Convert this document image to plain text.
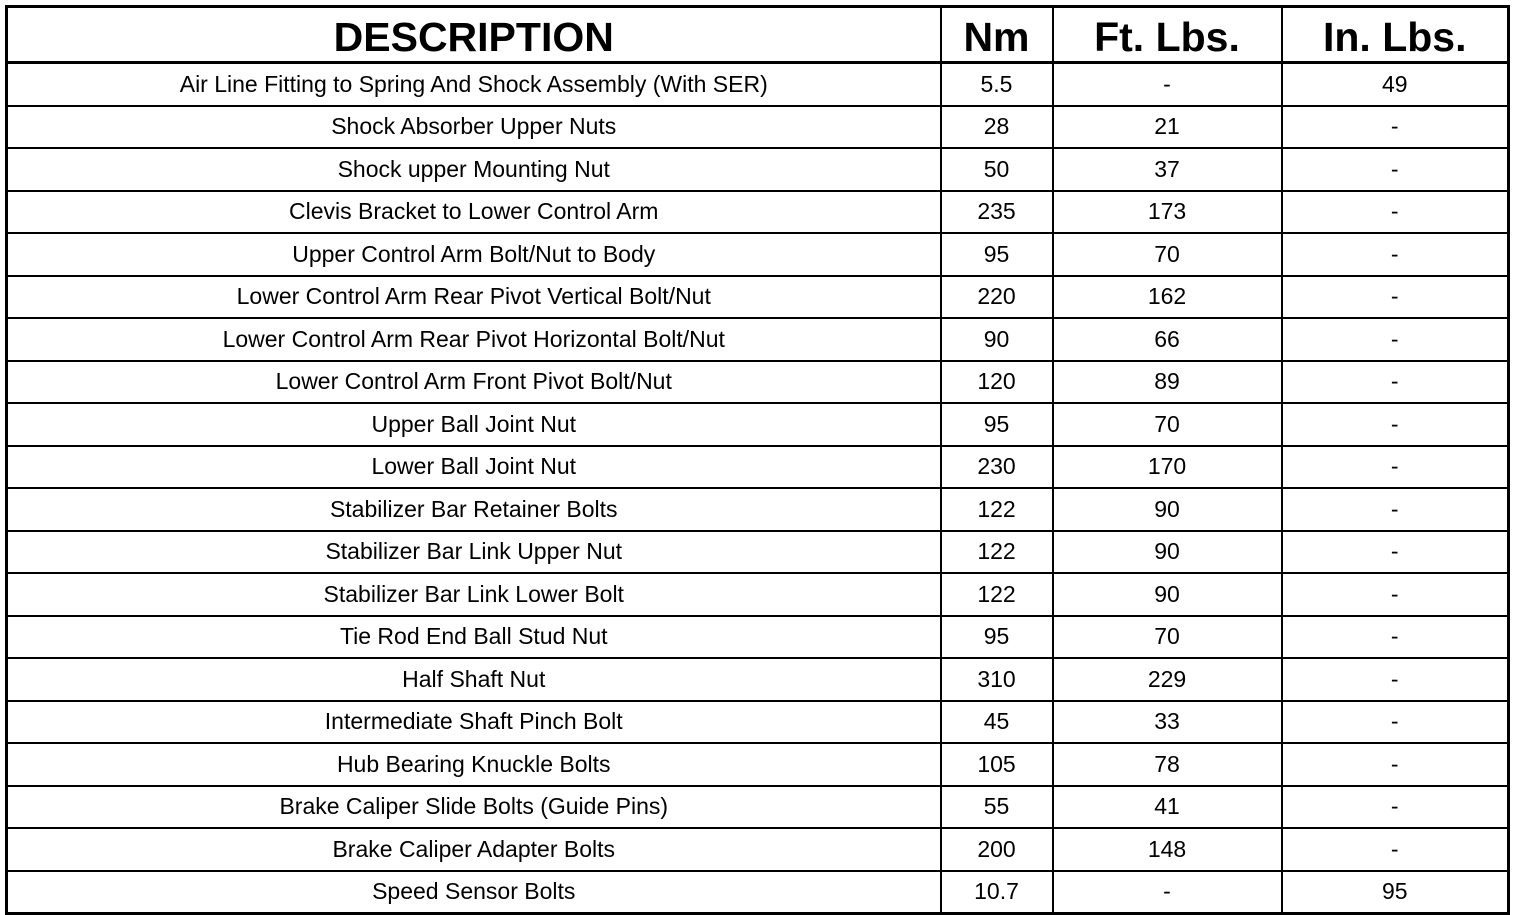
DESCRIPTION	Nm	Ft. Lbs.	In. Lbs.
Air Line Fitting to Spring And Shock Assembly (With SER)	5.5	-	49
Shock Absorber Upper Nuts	28	21	-
Shock upper Mounting Nut	50	37	-
Clevis Bracket to Lower Control Arm	235	173	-
Upper Control Arm Bolt/Nut to Body	95	70	-
Lower Control Arm Rear Pivot Vertical Bolt/Nut	220	162	-
Lower Control Arm Rear Pivot Horizontal Bolt/Nut	90	66	-
Lower Control Arm Front Pivot Bolt/Nut	120	89	-
Upper Ball Joint Nut	95	70	-
Lower Ball Joint Nut	230	170	-
Stabilizer Bar Retainer Bolts	122	90	-
Stabilizer Bar Link Upper Nut	122	90	-
Stabilizer Bar Link Lower Bolt	122	90	-
Tie Rod End Ball Stud Nut	95	70	-
Half Shaft Nut	310	229	-
Intermediate Shaft Pinch Bolt	45	33	-
Hub Bearing Knuckle Bolts	105	78	-
Brake Caliper Slide Bolts (Guide Pins)	55	41	-
Brake Caliper Adapter Bolts	200	148	-
Speed Sensor Bolts	10.7	-	95
